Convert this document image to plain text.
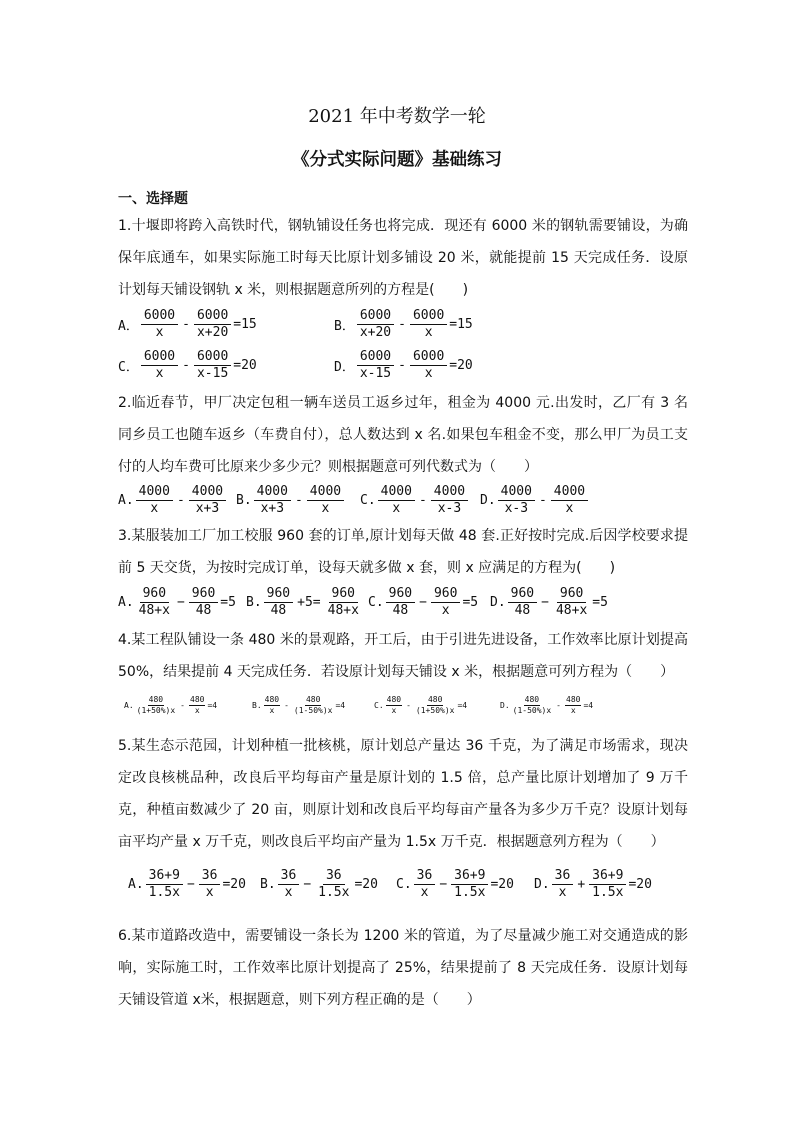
2021 年中考数学一轮
《分式实际问题》基础练习
一、选择题
1.十堰即将跨入高铁时代，钢轨铺设任务也将完成．现还有 6000 米的钢轨需要铺设，为确保年底通车，如果实际施工时每天比原计划多铺设 20 米，就能提前 15 天完成任务．设原计划每天铺设钢轨 x 米，则根据题意所列的方程是(　　)
A． $\frac{6000}{x} - \frac{6000}{x+20} =15$	B． $\frac{6000}{x+20} - \frac{6000}{x} =15$
C． $\frac{6000}{x} - \frac{6000}{x-15} =20$	D． $\frac{6000}{x-15} - \frac{6000}{x} =20$
2.临近春节，甲厂决定包租一辆车送员工返乡过年，租金为 4000 元.出发时，乙厂有 3 名同乡员工也随车返乡（车费自付），总人数达到 x 名.如果包车租金不变，那么甲厂为员工支付的人均车费可比原来少多少元？则根据题意可列代数式为（　　）
A. $\frac{4000}{x} - \frac{4000}{x+3} B$. $\frac{4000}{x+3} - \frac{4000}{x} C$. $\frac{4000}{x} - \frac{4000}{x-3} D$. $\frac{4000}{x-3} - \frac{4000}{x}$
3.某服装加工厂加工校服 960 套的订单,原计划每天做 48 套.正好按时完成.后因学校要求提前 5 天交货，为按时完成订单，设每天就多做 x 套，则 x 应满足的方程为(　　)
A. $\frac{960}{48+x} - \frac{960}{48} =5$ B. $\frac{960}{48} +5= \frac{960}{48+x} C$. $\frac{960}{48} - \frac{960}{x} =5$ D. $\frac{960}{48} - \frac{960}{48+x} =5$
4.某工程队铺设一条 480 米的景观路，开工后，由于引进先进设备，工作效率比原计划提高 50%，结果提前 4 天完成任务．若设原计划每天铺设 x 米，根据题意可列方程为（　　）
A. $\frac{480}{(1+50\%)x} - \frac{480}{x} =4$	B. $\frac{480}{x} - \frac{480}{(1-50\%)x} =4$	C. $\frac{480}{x} - \frac{480}{(1+50\%)x} =4$	D. $\frac{480}{(1-50\%)x} - \frac{480}{x} =4$
5.某生态示范园，计划种植一批核桃，原计划总产量达 36 千克，为了满足市场需求，现决定改良核桃品种，改良后平均每亩产量是原计划的 1.5 倍，总产量比原计划增加了 9 万千克，种植亩数减少了 20 亩，则原计划和改良后平均每亩产量各为多少万千克？设原计划每亩平均产量 x 万千克，则改良后平均亩产量为 1.5x 万千克．根据题意列方程为（　　）
A. $\frac{36+9}{1.5x} - \frac{36}{x} =20$ B. $\frac{36}{x} - \frac{36}{1.5x} =20$ C. $\frac{36}{x} - \frac{36+9}{1.5x} =20$ D. $\frac{36}{x} + \frac{36+9}{1.5x} =20$
6.某市道路改造中，需要铺设一条长为 1200 米的管道，为了尽量减少施工对交通造成的影响，实际施工时，工作效率比原计划提高了 25%，结果提前了 8 天完成任务．设原计划每天铺设管道 x米，根据题意，则下列方程正确的是（　　）
